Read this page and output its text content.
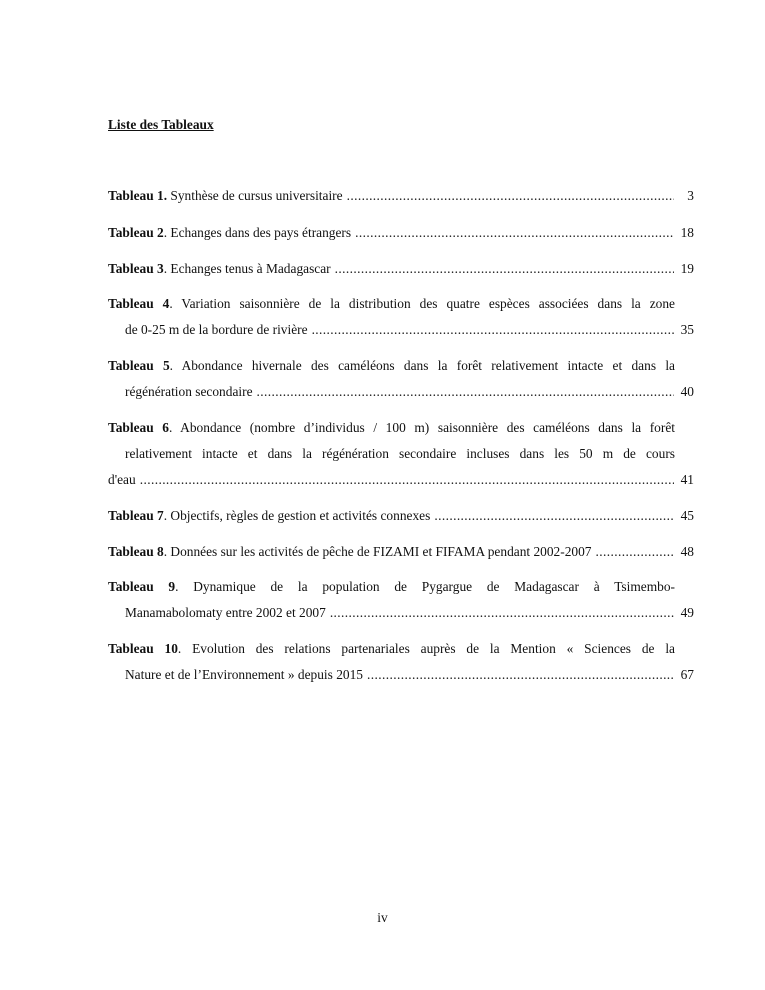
Liste des Tableaux
Tableau 1. Synthèse de cursus universitaire .....	3
Tableau 2. Echanges dans des pays étrangers .....	18
Tableau 3. Echanges tenus à Madagascar .....	19
Tableau 4. Variation saisonnière de la distribution des quatre espèces associées dans la zone
de 0-25 m de la bordure de rivière .....	35
Tableau 5. Abondance hivernale des caméléons dans la forêt relativement intacte et dans la
régénération secondaire .....	40
Tableau 6. Abondance (nombre d’individus / 100 m) saisonnière des caméléons dans la forêt
relativement intacte et dans la régénération secondaire incluses dans les 50 m de cours
d'eau .....	41
Tableau 7. Objectifs, règles de gestion et activités connexes .....	45
Tableau 8. Données sur les activités de pêche de FIZAMI et FIFAMA pendant 2002-2007 .....	48
Tableau 9. Dynamique de la population de Pygargue de Madagascar à Tsimembo-
Manamabolomaty entre 2002 et 2007 .....	49
Tableau 10. Evolution des relations partenariales auprès de la Mention « Sciences de la
Nature et de l’Environnement » depuis 2015 .....	67
iv
